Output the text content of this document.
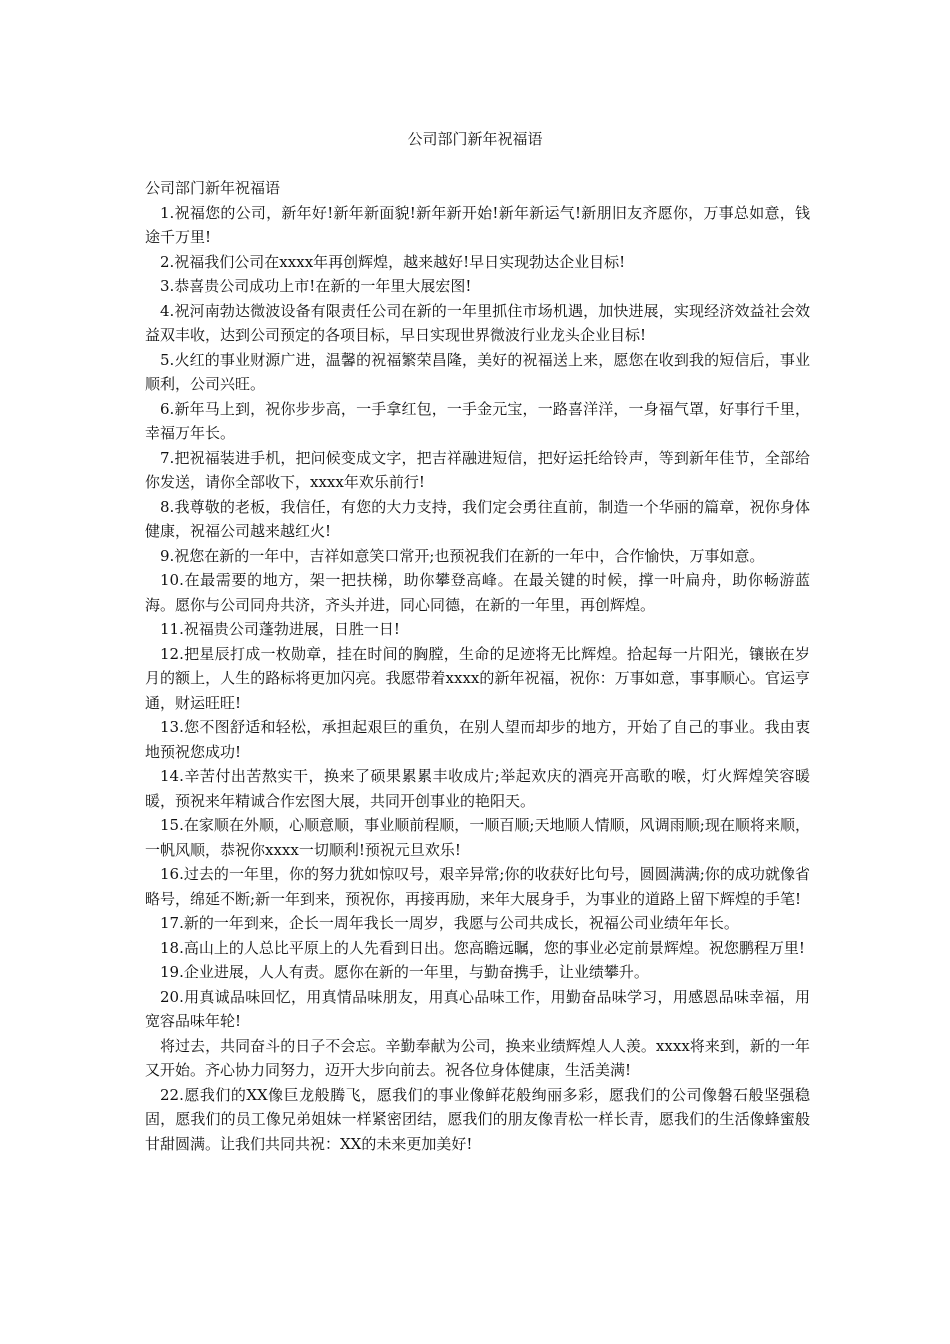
公司部门新年祝福语

公司部门新年祝福语

1.祝福您的公司，新年好!新年新面貌!新年新开始!新年新运气!新朋旧友齐愿你，万事总如意，钱途千万里!

2.祝福我们公司在xxxx年再创辉煌，越来越好!早日实现勃达企业目标!

3.恭喜贵公司成功上市!在新的一年里大展宏图!

4.祝河南勃达微波设备有限责任公司在新的一年里抓住市场机遇，加快进展，实现经济效益社会效益双丰收，达到公司预定的各项目标，早日实现世界微波行业龙头企业目标!

5.火红的事业财源广进，温馨的祝福繁荣昌隆，美好的祝福送上来，愿您在收到我的短信后，事业顺利，公司兴旺。

6.新年马上到，祝你步步高，一手拿红包，一手金元宝，一路喜洋洋，一身福气罩，好事行千里，幸福万年长。

7.把祝福装进手机，把问候变成文字，把吉祥融进短信，把好运托给铃声，等到新年佳节，全部给你发送，请你全部收下，xxxx年欢乐前行!

8.我尊敬的老板，我信任，有您的大力支持，我们定会勇往直前，制造一个华丽的篇章，祝你身体健康，祝福公司越来越红火!

9.祝您在新的一年中，吉祥如意笑口常开;也预祝我们在新的一年中，合作愉快，万事如意。

10.在最需要的地方，架一把扶梯，助你攀登高峰。在最关键的时候，撑一叶扁舟，助你畅游蓝海。愿你与公司同舟共济，齐头并进，同心同德，在新的一年里，再创辉煌。

11.祝福贵公司蓬勃进展，日胜一日!

12.把星辰打成一枚勋章，挂在时间的胸膛，生命的足迹将无比辉煌。拾起每一片阳光，镶嵌在岁月的额上，人生的路标将更加闪亮。我愿带着xxxx的新年祝福，祝你：万事如意，事事顺心。官运亨通，财运旺旺!

13.您不图舒适和轻松，承担起艰巨的重负，在别人望而却步的地方，开始了自己的事业。我由衷地预祝您成功!

14.辛苦付出苦熬实干，换来了硕果累累丰收成片;举起欢庆的酒亮开高歌的喉，灯火辉煌笑容暖暖，预祝来年精诚合作宏图大展，共同开创事业的艳阳天。

15.在家顺在外顺，心顺意顺，事业顺前程顺，一顺百顺;天地顺人情顺，风调雨顺;现在顺将来顺，一帆风顺，恭祝你xxxx一切顺利!预祝元旦欢乐!

16.过去的一年里，你的努力犹如惊叹号，艰辛异常;你的收获好比句号，圆圆满满;你的成功就像省略号，绵延不断;新一年到来，预祝你，再接再励，来年大展身手，为事业的道路上留下辉煌的手笔!

17.新的一年到来，企长一周年我长一周岁，我愿与公司共成长，祝福公司业绩年年长。

18.高山上的人总比平原上的人先看到日出。您高瞻远瞩，您的事业必定前景辉煌。祝您鹏程万里!

19.企业进展，人人有责。愿你在新的一年里，与勤奋携手，让业绩攀升。

20.用真诚品味回忆，用真情品味朋友，用真心品味工作，用勤奋品味学习，用感恩品味幸福，用宽容品味年轮!

将过去，共同奋斗的日子不会忘。辛勤奉献为公司，换来业绩辉煌人人羡。xxxx将来到，新的一年又开始。齐心协力同努力，迈开大步向前去。祝各位身体健康，生活美满!

22.愿我们的XX像巨龙般腾飞，愿我们的事业像鲜花般绚丽多彩，愿我们的公司像磐石般坚强稳固，愿我们的员工像兄弟姐妹一样紧密团结，愿我们的朋友像青松一样长青，愿我们的生活像蜂蜜般甘甜圆满。让我们共同共祝：XX的未来更加美好!
